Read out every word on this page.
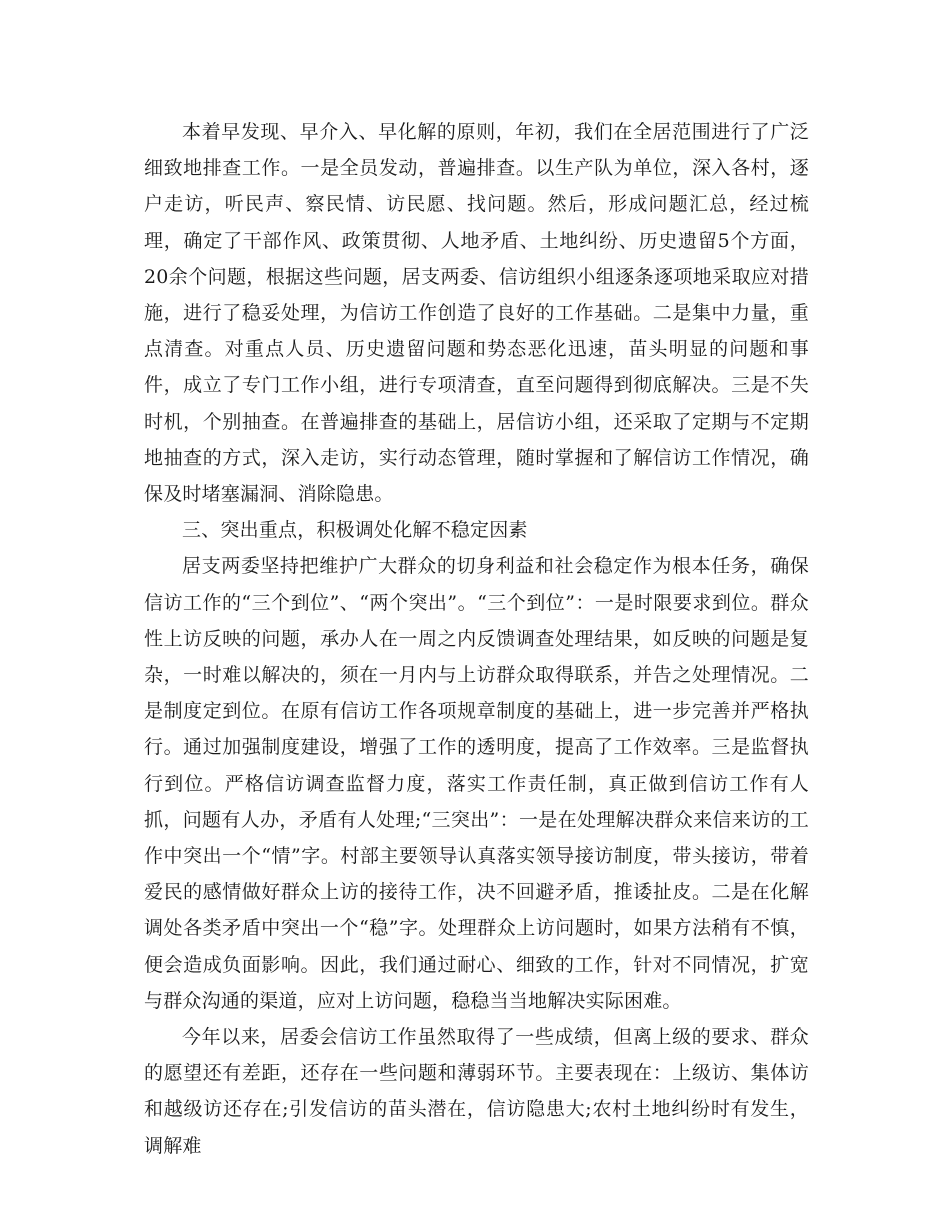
本着早发现、早介入、早化解的原则，年初，我们在全居范围进行了广泛细致地排查工作。一是全员发动，普遍排查。以生产队为单位，深入各村，逐户走访，听民声、察民情、访民愿、找问题。然后，形成问题汇总，经过梳理，确定了干部作风、政策贯彻、人地矛盾、土地纠纷、历史遗留5个方面，20余个问题，根据这些问题，居支两委、信访组织小组逐条逐项地采取应对措施，进行了稳妥处理，为信访工作创造了良好的工作基础。二是集中力量，重点清查。对重点人员、历史遗留问题和势态恶化迅速，苗头明显的问题和事件，成立了专门工作小组，进行专项清查，直至问题得到彻底解决。三是不失时机，个别抽查。在普遍排查的基础上，居信访小组，还采取了定期与不定期地抽查的方式，深入走访，实行动态管理，随时掌握和了解信访工作情况，确保及时堵塞漏洞、消除隐患。

三、突出重点，积极调处化解不稳定因素

居支两委坚持把维护广大群众的切身利益和社会稳定作为根本任务，确保信访工作的“三个到位”、“两个突出”。“三个到位”：一是时限要求到位。群众性上访反映的问题，承办人在一周之内反馈调查处理结果，如反映的问题是复杂，一时难以解决的，须在一月内与上访群众取得联系，并告之处理情况。二是制度定到位。在原有信访工作各项规章制度的基础上，进一步完善并严格执行。通过加强制度建设，增强了工作的透明度，提高了工作效率。三是监督执行到位。严格信访调查监督力度，落实工作责任制，真正做到信访工作有人抓，问题有人办，矛盾有人处理;“三突出”：一是在处理解决群众来信来访的工作中突出一个“情”字。村部主要领导认真落实领导接访制度，带头接访，带着爱民的感情做好群众上访的接待工作，决不回避矛盾，推诿扯皮。二是在化解调处各类矛盾中突出一个“稳”字。处理群众上访问题时，如果方法稍有不慎，便会造成负面影响。因此，我们通过耐心、细致的工作，针对不同情况，扩宽与群众沟通的渠道，应对上访问题，稳稳当当地解决实际困难。

今年以来，居委会信访工作虽然取得了一些成绩，但离上级的要求、群众的愿望还有差距，还存在一些问题和薄弱环节。主要表现在：上级访、集体访和越级访还存在;引发信访的苗头潜在，信访隐患大;农村土地纠纷时有发生，调解难
